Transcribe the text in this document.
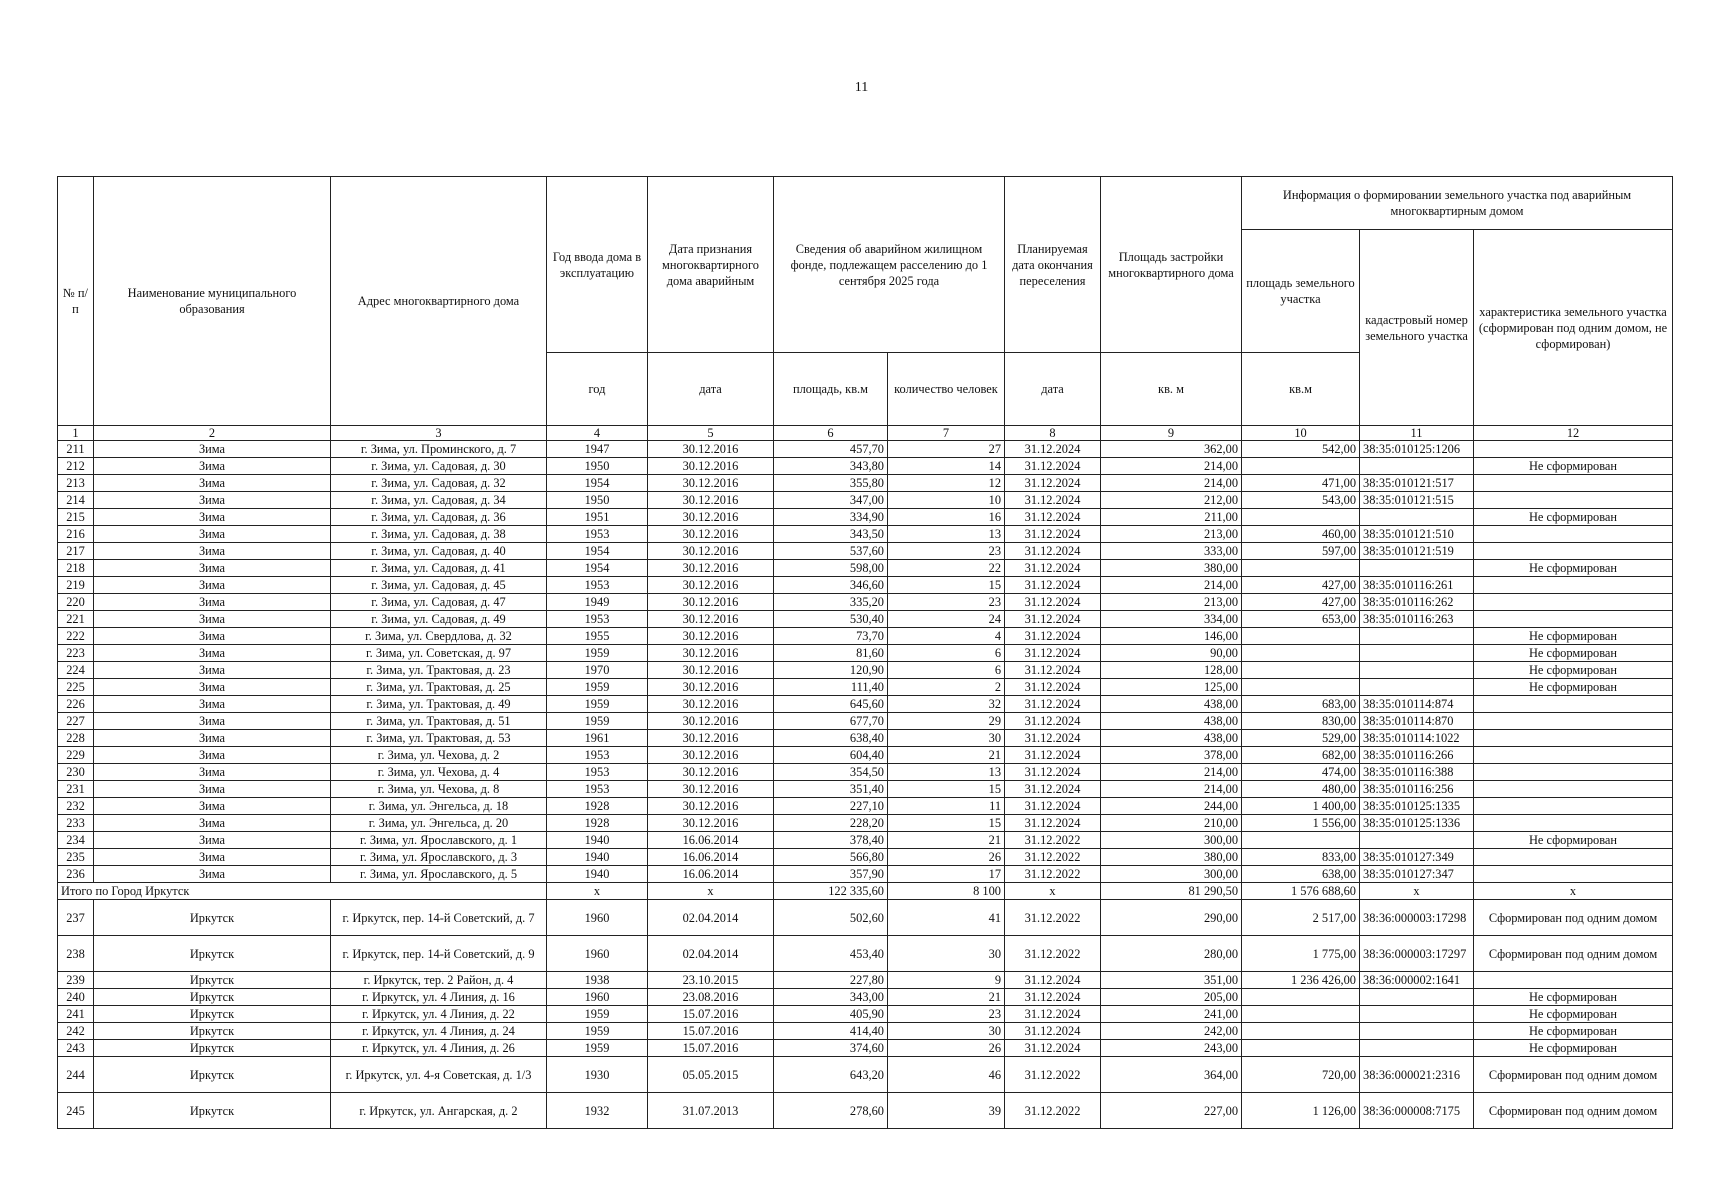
11
№ п/п	Наименование муниципального образования	Адрес многоквартирного дома	Год ввода дома в эксплуатацию	Дата признания многоквартирного дома аварийным	Сведения об аварийном жилищном фонде, подлежащем расселению до 1 сентября 2025 года		Планируемая дата окончания переселения	Площадь застройки многоквартирного дома	Информация о формировании земельного участка под аварийным многоквартирным домом		
									площадь земельного участка	кадастровый номер земельного участка	характеристика земельного участка (сформирован под одним домом, не сформирован)
			год	дата	площадь, кв.м	количество человек	дата	кв. м	кв.м		
1	2	3	4	5	6	7	8	9	10	11	12
211	Зима	г. Зима, ул. Проминского, д. 7	1947	30.12.2016	457,70	27	31.12.2024	362,00	542,00	38:35:010125:1206	
212	Зима	г. Зима, ул. Садовая, д. 30	1950	30.12.2016	343,80	14	31.12.2024	214,00			Не сформирован
213	Зима	г. Зима, ул. Садовая, д. 32	1954	30.12.2016	355,80	12	31.12.2024	214,00	471,00	38:35:010121:517	
214	Зима	г. Зима, ул. Садовая, д. 34	1950	30.12.2016	347,00	10	31.12.2024	212,00	543,00	38:35:010121:515	
215	Зима	г. Зима, ул. Садовая, д. 36	1951	30.12.2016	334,90	16	31.12.2024	211,00			Не сформирован
216	Зима	г. Зима, ул. Садовая, д. 38	1953	30.12.2016	343,50	13	31.12.2024	213,00	460,00	38:35:010121:510	
217	Зима	г. Зима, ул. Садовая, д. 40	1954	30.12.2016	537,60	23	31.12.2024	333,00	597,00	38:35:010121:519	
218	Зима	г. Зима, ул. Садовая, д. 41	1954	30.12.2016	598,00	22	31.12.2024	380,00			Не сформирован
219	Зима	г. Зима, ул. Садовая, д. 45	1953	30.12.2016	346,60	15	31.12.2024	214,00	427,00	38:35:010116:261	
220	Зима	г. Зима, ул. Садовая, д. 47	1949	30.12.2016	335,20	23	31.12.2024	213,00	427,00	38:35:010116:262	
221	Зима	г. Зима, ул. Садовая, д. 49	1953	30.12.2016	530,40	24	31.12.2024	334,00	653,00	38:35:010116:263	
222	Зима	г. Зима, ул. Свердлова, д. 32	1955	30.12.2016	73,70	4	31.12.2024	146,00			Не сформирован
223	Зима	г. Зима, ул. Советская, д. 97	1959	30.12.2016	81,60	6	31.12.2024	90,00			Не сформирован
224	Зима	г. Зима, ул. Трактовая, д. 23	1970	30.12.2016	120,90	6	31.12.2024	128,00			Не сформирован
225	Зима	г. Зима, ул. Трактовая, д. 25	1959	30.12.2016	111,40	2	31.12.2024	125,00			Не сформирован
226	Зима	г. Зима, ул. Трактовая, д. 49	1959	30.12.2016	645,60	32	31.12.2024	438,00	683,00	38:35:010114:874	
227	Зима	г. Зима, ул. Трактовая, д. 51	1959	30.12.2016	677,70	29	31.12.2024	438,00	830,00	38:35:010114:870	
228	Зима	г. Зима, ул. Трактовая, д. 53	1961	30.12.2016	638,40	30	31.12.2024	438,00	529,00	38:35:010114:1022	
229	Зима	г. Зима, ул. Чехова, д. 2	1953	30.12.2016	604,40	21	31.12.2024	378,00	682,00	38:35:010116:266	
230	Зима	г. Зима, ул. Чехова, д. 4	1953	30.12.2016	354,50	13	31.12.2024	214,00	474,00	38:35:010116:388	
231	Зима	г. Зима, ул. Чехова, д. 8	1953	30.12.2016	351,40	15	31.12.2024	214,00	480,00	38:35:010116:256	
232	Зима	г. Зима, ул. Энгельса, д. 18	1928	30.12.2016	227,10	11	31.12.2024	244,00	1 400,00	38:35:010125:1335	
233	Зима	г. Зима, ул. Энгельса, д. 20	1928	30.12.2016	228,20	15	31.12.2024	210,00	1 556,00	38:35:010125:1336	
234	Зима	г. Зима, ул. Ярославского, д. 1	1940	16.06.2014	378,40	21	31.12.2022	300,00			Не сформирован
235	Зима	г. Зима, ул. Ярославского, д. 3	1940	16.06.2014	566,80	26	31.12.2022	380,00	833,00	38:35:010127:349	
236	Зима	г. Зима, ул. Ярославского, д. 5	1940	16.06.2014	357,90	17	31.12.2022	300,00	638,00	38:35:010127:347	
Итого по Город Иркутск			x	x	122 335,60	8 100	x	81 290,50	1 576 688,60	x	x
237	Иркутск	г. Иркутск, пер. 14-й Советский, д. 7	1960	02.04.2014	502,60	41	31.12.2022	290,00	2 517,00	38:36:000003:17298	Сформирован под одним домом
238	Иркутск	г. Иркутск, пер. 14-й Советский, д. 9	1960	02.04.2014	453,40	30	31.12.2022	280,00	1 775,00	38:36:000003:17297	Сформирован под одним домом
239	Иркутск	г. Иркутск, тер. 2 Район, д. 4	1938	23.10.2015	227,80	9	31.12.2024	351,00	1 236 426,00	38:36:000002:1641	
240	Иркутск	г. Иркутск, ул. 4 Линия, д. 16	1960	23.08.2016	343,00	21	31.12.2024	205,00			Не сформирован
241	Иркутск	г. Иркутск, ул. 4 Линия, д. 22	1959	15.07.2016	405,90	23	31.12.2024	241,00			Не сформирован
242	Иркутск	г. Иркутск, ул. 4 Линия, д. 24	1959	15.07.2016	414,40	30	31.12.2024	242,00			Не сформирован
243	Иркутск	г. Иркутск, ул. 4 Линия, д. 26	1959	15.07.2016	374,60	26	31.12.2024	243,00			Не сформирован
244	Иркутск	г. Иркутск, ул. 4-я Советская, д. 1/3	1930	05.05.2015	643,20	46	31.12.2022	364,00	720,00	38:36:000021:2316	Сформирован под одним домом
245	Иркутск	г. Иркутск, ул. Ангарская, д. 2	1932	31.07.2013	278,60	39	31.12.2022	227,00	1 126,00	38:36:000008:7175	Сформирован под одним домом
